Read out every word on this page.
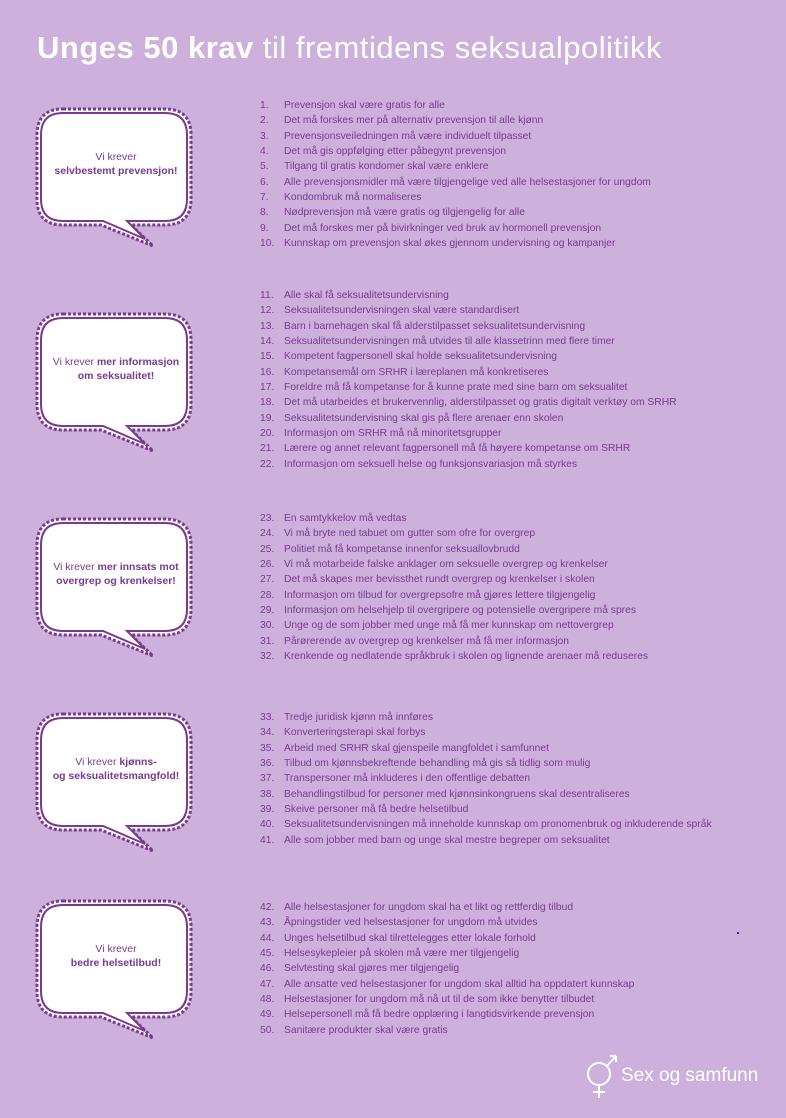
Unges 50 krav til fremtidens seksualpolitikk
Vi krever
selvbestemt prevensjon!
1. Prevensjon skal være gratis for alle
2. Det må forskes mer på alternativ prevensjon til alle kjønn
3. Prevensjonsveiledningen må være individuelt tilpasset
4. Det må gis oppfølging etter påbegynt prevensjon
5. Tilgang til gratis kondomer skal være enklere
6. Alle prevensjonsmidler må være tilgjengelige ved alle helsestasjoner for ungdom
7. Kondombruk må normaliseres
8. Nødprevensjon må være gratis og tilgjengelig for alle
9. Det må forskes mer på bivirkninger ved bruk av hormonell prevensjon
10. Kunnskap om prevensjon skal økes gjennom undervisning og kampanjer
Vi krever mer informasjon
om seksualitet!
11. Alle skal få seksualitetsundervisning
12. Seksualitetsundervisningen skal være standardisert
13. Barn i barnehagen skal få alderstilpasset seksualitetsundervisning
14. Seksualitetsundervisningen må utvides til alle klassetrinn med flere timer
15. Kompetent fagpersonell skal holde seksualitetsundervisning
16. Kompetansemål om SRHR i læreplanen må konkretiseres
17. Foreldre må få kompetanse for å kunne prate med sine barn om seksualitet
18. Det må utarbeides et brukervennlig, alderstilpasset og gratis digitalt verktøy om SRHR
19. Seksualitetsundervisning skal gis på flere arenaer enn skolen
20. Informasjon om SRHR må nå minoritetsgrupper
21. Lærere og annet relevant fagpersonell må få høyere kompetanse om SRHR
22. Informasjon om seksuell helse og funksjonsvariasjon må styrkes
Vi krever mer innsats mot
overgrep og krenkelser!
23. En samtykkelov må vedtas
24. Vi må bryte ned tabuet om gutter som ofre for overgrep
25. Politiet må få kompetanse innenfor seksuallovbrudd
26. Vi må motarbeide falske anklager om seksuelle overgrep og krenkelser
27. Det må skapes mer bevissthet rundt overgrep og krenkelser i skolen
28. Informasjon om tilbud for overgrepsofre må gjøres lettere tilgjengelig
29. Informasjon om helsehjelp til overgripere og potensielle overgripere må spres
30. Unge og de som jobber med unge må få mer kunnskap om nettovergrep
31. Pårørerende av overgrep og krenkelser må få mer informasjon
32. Krenkende og nedlatende språkbruk i skolen og lignende arenaer må reduseres
Vi krever kjønns-
og seksualitetsmangfold!
33. Tredje juridisk kjønn må innføres
34. Konverteringsterapi skal forbys
35. Arbeid med SRHR skal gjenspeile mangfoldet i samfunnet
36. Tilbud om kjønnsbekreftende behandling må gis så tidlig som mulig
37. Transpersoner må inkluderes i den offentlige debatten
38. Behandlingstilbud for personer med kjønnsinkongruens skal desentraliseres
39. Skeive personer må få bedre helsetilbud
40. Seksualitetsundervisningen må inneholde kunnskap om pronomenbruk og inkluderende språk
41. Alle som jobber med barn og unge skal mestre begreper om seksualitet
Vi krever
bedre helsetilbud!
42. Alle helsestasjoner for ungdom skal ha et likt og rettferdig tilbud
43. Åpningstider ved helsestasjoner for ungdom må utvides
44. Unges helsetilbud skal tilrettelegges etter lokale forhold
45. Helsesykepleier på skolen må være mer tilgjengelig
46. Selvtesting skal gjøres mer tilgjengelig
47. Alle ansatte ved helsestasjoner for ungdom skal alltid ha oppdatert kunnskap
48. Helsestasjoner for ungdom må nå ut til de som ikke benytter tilbudet
49. Helsepersonell må få bedre opplæring i langtidsvirkende prevensjon
50. Sanitære produkter skal være gratis
Sex og samfunn
